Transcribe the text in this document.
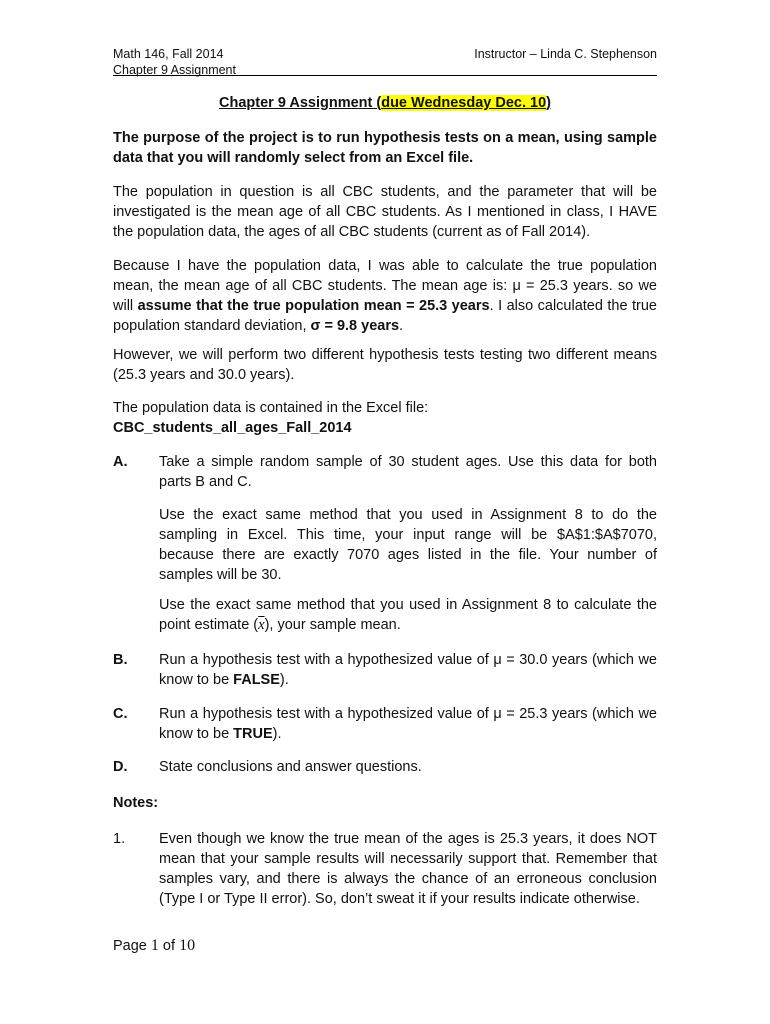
Math 146, Fall 2014
Chapter 9 Assignment
Instructor – Linda C. Stephenson
Chapter 9 Assignment (due Wednesday Dec. 10)
The purpose of the project is to run hypothesis tests on a mean, using sample data that you will randomly select from an Excel file.
The population in question is all CBC students, and the parameter that will be investigated is the mean age of all CBC students. As I mentioned in class, I HAVE the population data, the ages of all CBC students (current as of Fall 2014).
Because I have the population data, I was able to calculate the true population mean, the mean age of all CBC students. The mean age is: μ = 25.3 years. so we will assume that the true population mean = 25.3 years. I also calculated the true population standard deviation, σ = 9.8 years.
However, we will perform two different hypothesis tests testing two different means (25.3 years and 30.0 years).
The population data is contained in the Excel file:
CBC_students_all_ages_Fall_2014
A. Take a simple random sample of 30 student ages. Use this data for both parts B and C.
Use the exact same method that you used in Assignment 8 to do the sampling in Excel. This time, your input range will be $A$1:$A$7070, because there are exactly 7070 ages listed in the file. Your number of samples will be 30.
Use the exact same method that you used in Assignment 8 to calculate the point estimate $(\overline{x})$, your sample mean.
B. Run a hypothesis test with a hypothesized value of μ = 30.0 years (which we know to be FALSE).
C. Run a hypothesis test with a hypothesized value of μ = 25.3 years (which we know to be TRUE).
D. State conclusions and answer questions.
Notes:
1. Even though we know the true mean of the ages is 25.3 years, it does NOT mean that your sample results will necessarily support that. Remember that samples vary, and there is always the chance of an erroneous conclusion (Type I or Type II error). So, don’t sweat it if your results indicate otherwise.
Page 1 of 10
